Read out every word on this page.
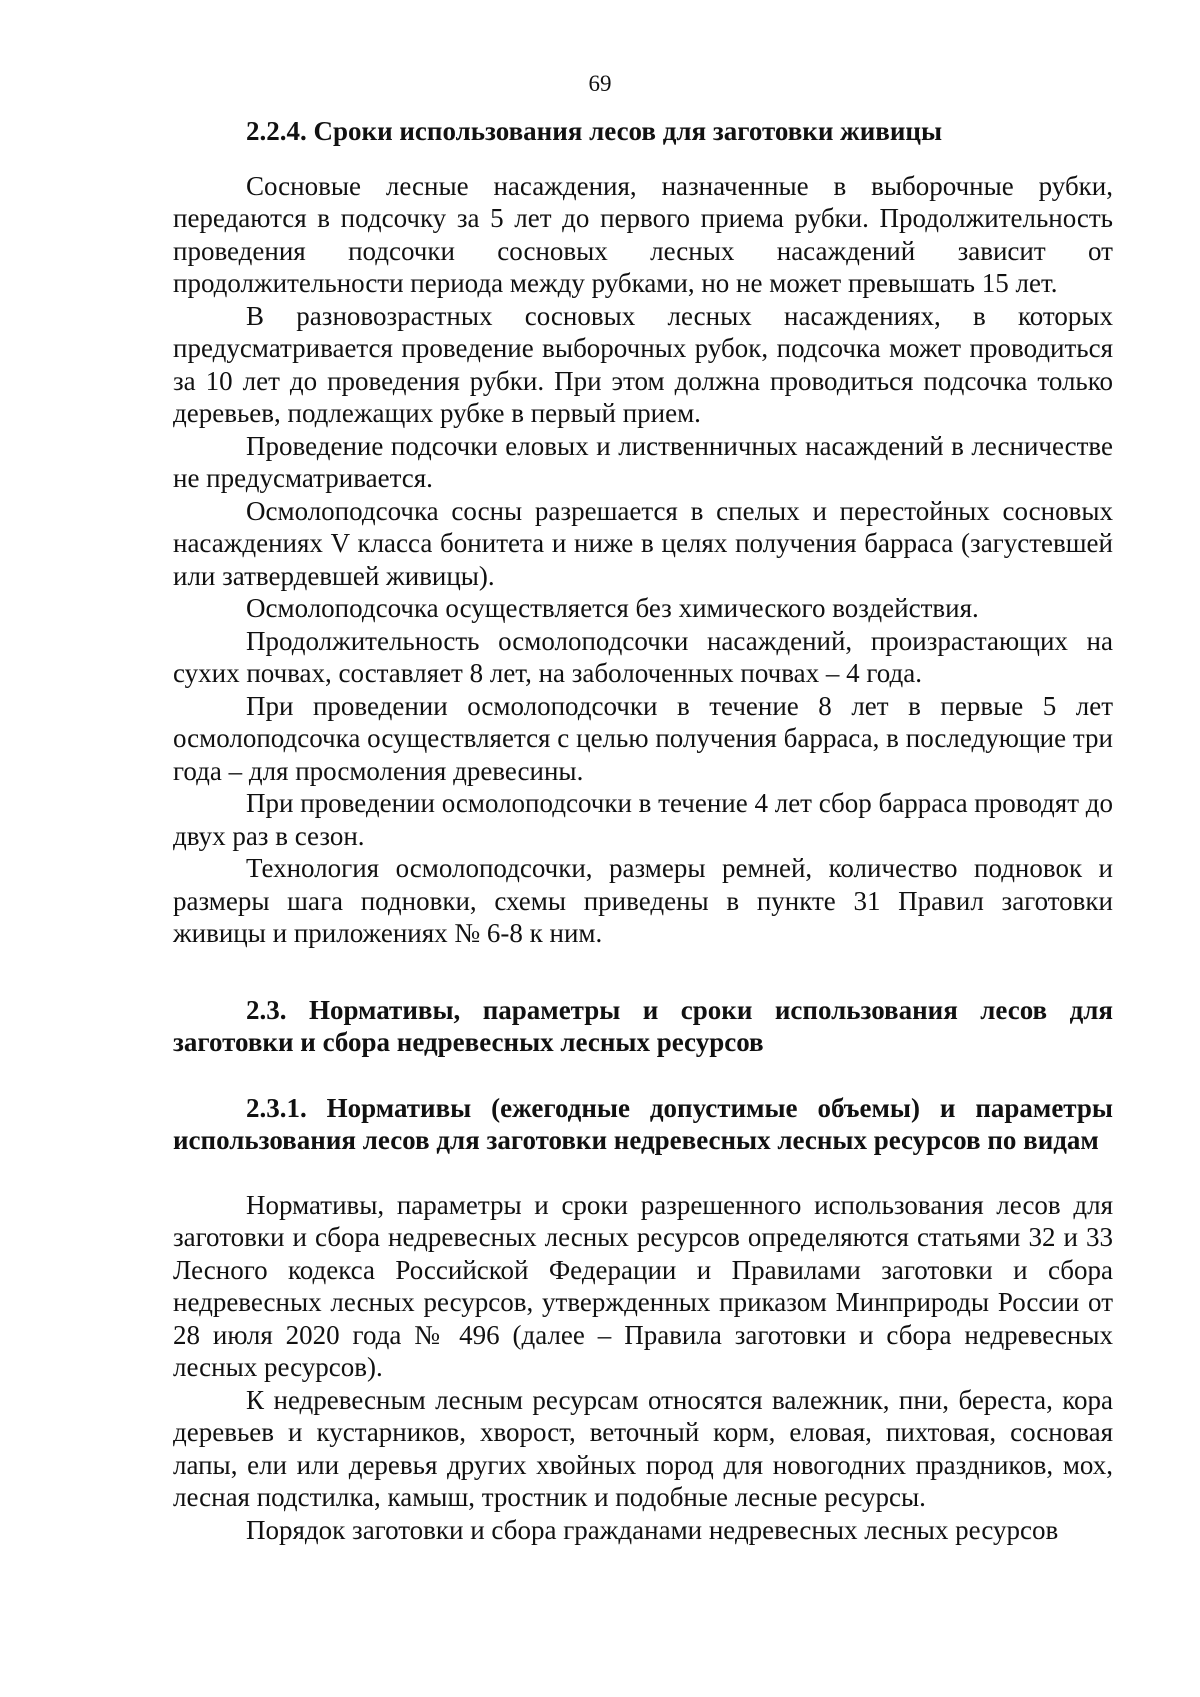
69
2.2.4. Сроки использования лесов для заготовки живицы

Сосновые лесные насаждения, назначенные в выборочные рубки, передаются в подсочку за 5 лет до первого приема рубки. Продолжительность проведения подсочки сосновых лесных насаждений зависит от продолжительности периода между рубками, но не может превышать 15 лет.

В разновозрастных сосновых лесных насаждениях, в которых предусматривается проведение выборочных рубок, подсочка может проводиться за 10 лет до проведения рубки. При этом должна проводиться подсочка только деревьев, подлежащих рубке в первый прием.

Проведение подсочки еловых и лиственничных насаждений в лесничестве не предусматривается.

Осмолоподсочка сосны разрешается в спелых и перестойных сосновых насаждениях V класса бонитета и ниже в целях получения барраса (загустевшей или затвердевшей живицы).

Осмолоподсочка осуществляется без химического воздействия.

Продолжительность осмолоподсочки насаждений, произрастающих на сухих почвах, составляет 8 лет, на заболоченных почвах – 4 года.

При проведении осмолоподсочки в течение 8 лет в первые 5 лет осмолоподсочка осуществляется с целью получения барраса, в последующие три года – для просмоления древесины.

При проведении осмолоподсочки в течение 4 лет сбор барраса проводят до двух раз в сезон.

Технология осмолоподсочки, размеры ремней, количество подновок и размеры шага подновки, схемы приведены в пункте 31 Правил заготовки живицы и приложениях № 6-8 к ним.

2.3. Нормативы, параметры и сроки использования лесов для заготовки и сбора недревесных лесных ресурсов
2.3.1. Нормативы (ежегодные допустимые объемы) и параметры использования лесов для заготовки недревесных лесных ресурсов по видам

Нормативы, параметры и сроки разрешенного использования лесов для заготовки и сбора недревесных лесных ресурсов определяются статьями 32 и 33 Лесного кодекса Российской Федерации и Правилами заготовки и сбора недревесных лесных ресурсов, утвержденных приказом Минприроды России от 28 июля 2020 года № 496 (далее – Правила заготовки и сбора недревесных лесных ресурсов).

К недревесным лесным ресурсам относятся валежник, пни, береста, кора деревьев и кустарников, хворост, веточный корм, еловая, пихтовая, сосновая лапы, ели или деревья других хвойных пород для новогодних праздников, мох, лесная подстилка, камыш, тростник и подобные лесные ресурсы.

Порядок заготовки и сбора гражданами недревесных лесных ресурсов
